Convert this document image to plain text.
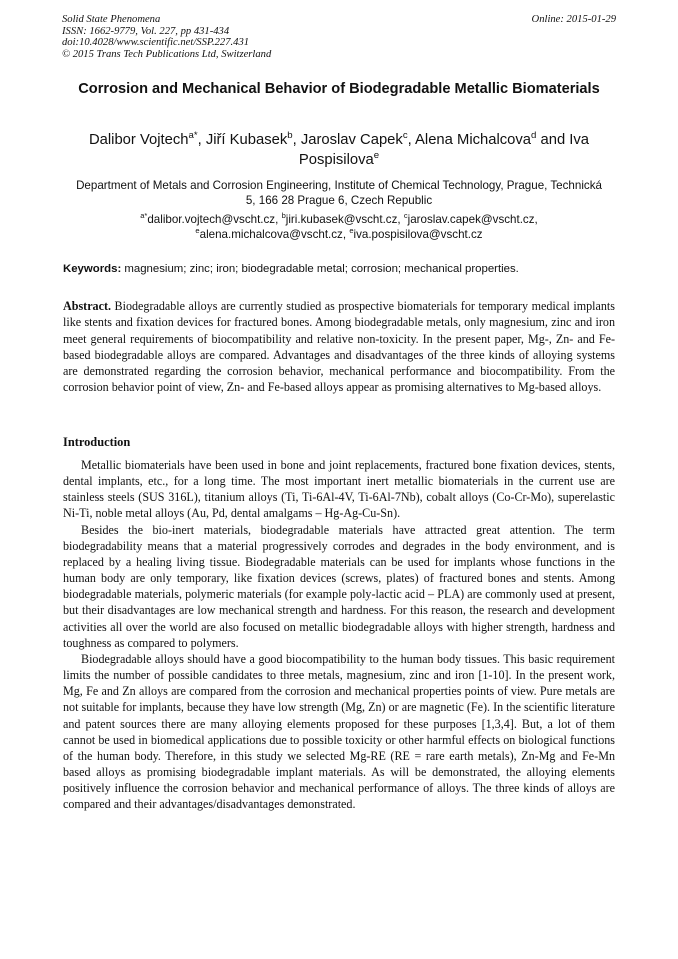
Solid State Phenomena
ISSN: 1662-9779, Vol. 227, pp 431-434
doi:10.4028/www.scientific.net/SSP.227.431
© 2015 Trans Tech Publications Ltd, Switzerland
Online: 2015-01-29
Corrosion and Mechanical Behavior of Biodegradable Metallic Biomaterials
Dalibor Vojtech$^{a*}$, Jiří Kubasek$^b$, Jaroslav Capek$^c$, Alena Michalcova$^d$ and Iva Pospisilova$^e$
Department of Metals and Corrosion Engineering, Institute of Chemical Technology, Prague, Technická 5, 166 28 Prague 6, Czech Republic
$^{a*}$dalibor.vojtech@vscht.cz, $^b$jiri.kubasek@vscht.cz, $^c$jaroslav.capek@vscht.cz,
$^e$alena.michalcova@vscht.cz, $^e$iva.pospisilova@vscht.cz
Keywords: magnesium; zinc; iron; biodegradable metal; corrosion; mechanical properties.
Abstract. Biodegradable alloys are currently studied as prospective biomaterials for temporary medical implants like stents and fixation devices for fractured bones. Among biodegradable metals, only magnesium, zinc and iron meet general requirements of biocompatibility and relative non-toxicity. In the present paper, Mg-, Zn- and Fe-based biodegradable alloys are compared. Advantages and disadvantages of the three kinds of alloying systems are demonstrated regarding the corrosion behavior, mechanical performance and biocompatibility. From the corrosion behavior point of view, Zn- and Fe-based alloys appear as promising alternatives to Mg-based alloys.
Introduction

Metallic biomaterials have been used in bone and joint replacements, fractured bone fixation devices, stents, dental implants, etc., for a long time. The most important inert metallic biomaterials in the current use are stainless steels (SUS 316L), titanium alloys (Ti, Ti-6Al-4V, Ti-6Al-7Nb), cobalt alloys (Co-Cr-Mo), superelastic Ni-Ti, noble metal alloys (Au, Pd, dental amalgams – Hg-Ag-Cu-Sn).

Besides the bio-inert materials, biodegradable materials have attracted great attention. The term biodegradability means that a material progressively corrodes and degrades in the body environment, and is replaced by a healing living tissue. Biodegradable materials can be used for implants whose functions in the human body are only temporary, like fixation devices (screws, plates) of fractured bones and stents. Among biodegradable materials, polymeric materials (for example poly-lactic acid – PLA) are commonly used at present, but their disadvantages are low mechanical strength and hardness. For this reason, the research and development activities all over the world are also focused on metallic biodegradable alloys with higher strength, hardness and toughness as compared to polymers.

Biodegradable alloys should have a good biocompatibility to the human body tissues. This basic requirement limits the number of possible candidates to three metals, magnesium, zinc and iron [1-10]. In the present work, Mg, Fe and Zn alloys are compared from the corrosion and mechanical properties points of view. Pure metals are not suitable for implants, because they have low strength (Mg, Zn) or are magnetic (Fe). In the scientific literature and patent sources there are many alloying elements proposed for these purposes [1,3,4]. But, a lot of them cannot be used in biomedical applications due to possible toxicity or other harmful effects on biological functions of the human body. Therefore, in this study we selected Mg-RE (RE = rare earth metals), Zn-Mg and Fe-Mn based alloys as promising biodegradable implant materials. As will be demonstrated, the alloying elements positively influence the corrosion behavior and mechanical performance of alloys. The three kinds of alloys are compared and their advantages/disadvantages demonstrated.
